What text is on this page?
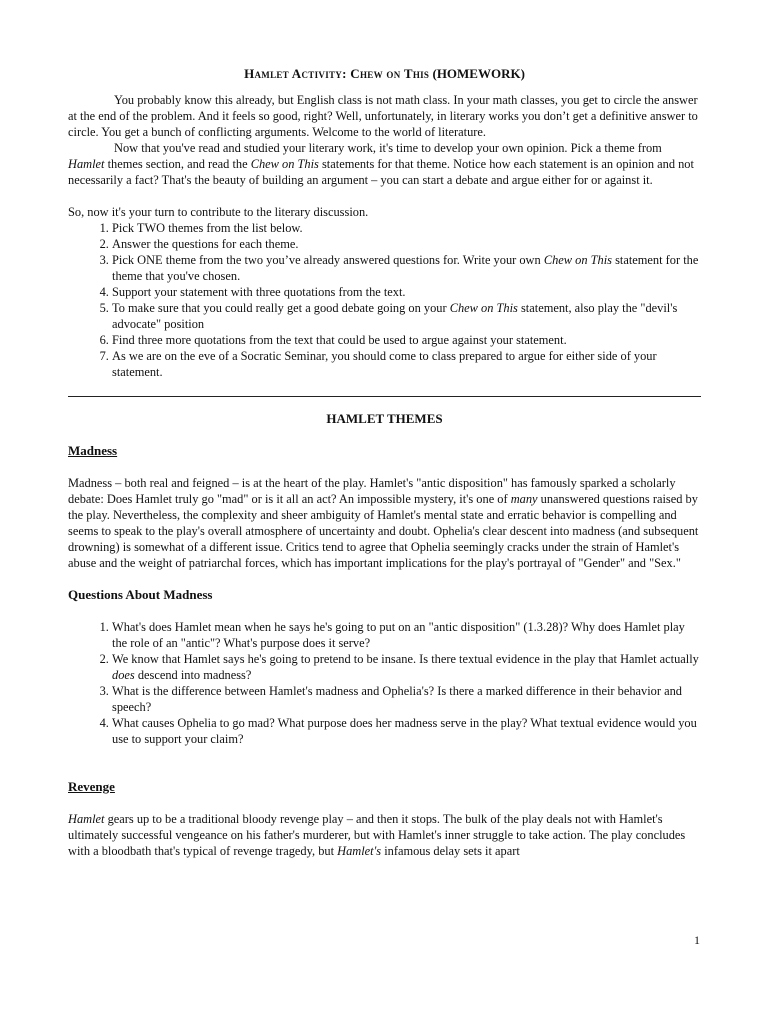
Hamlet Activity: Chew on This (HOMEWORK)

You probably know this already, but English class is not math class. In your math classes, you get to circle the answer at the end of the problem. And it feels so good, right? Well, unfortunately, in literary works you don’t get a definitive answer to circle. You get a bunch of conflicting arguments. Welcome to the world of literature.

Now that you've read and studied your literary work, it's time to develop your own opinion. Pick a theme from Hamlet themes section, and read the Chew on This statements for that theme. Notice how each statement is an opinion and not necessarily a fact? That's the beauty of building an argument – you can start a debate and argue either for or against it.

So, now it's your turn to contribute to the literary discussion.

1. Pick TWO themes from the list below.
2. Answer the questions for each theme.
3. Pick ONE theme from the two you’ve already answered questions for. Write your own Chew on This statement for the theme that you've chosen.
4. Support your statement with three quotations from the text.
5. To make sure that you could really get a good debate going on your Chew on This statement, also play the "devil's advocate" position
6. Find three more quotations from the text that could be used to argue against your statement.
7. As we are on the eve of a Socratic Seminar, you should come to class prepared to argue for either side of your statement.

HAMLET THEMES

Madness

Madness – both real and feigned – is at the heart of the play. Hamlet's "antic disposition" has famously sparked a scholarly debate: Does Hamlet truly go "mad" or is it all an act? An impossible mystery, it's one of many unanswered questions raised by the play. Nevertheless, the complexity and sheer ambiguity of Hamlet's mental state and erratic behavior is compelling and seems to speak to the play's overall atmosphere of uncertainty and doubt. Ophelia's clear descent into madness (and subsequent drowning) is somewhat of a different issue. Critics tend to agree that Ophelia seemingly cracks under the strain of Hamlet's abuse and the weight of patriarchal forces, which has important implications for the play's portrayal of "Gender" and "Sex."

Questions About Madness

1. What's does Hamlet mean when he says he's going to put on an "antic disposition" (1.3.28)? Why does Hamlet play the role of an "antic"? What's purpose does it serve?
2. We know that Hamlet says he's going to pretend to be insane. Is there textual evidence in the play that Hamlet actually does descend into madness?
3. What is the difference between Hamlet's madness and Ophelia's? Is there a marked difference in their behavior and speech?
4. What causes Ophelia to go mad? What purpose does her madness serve in the play? What textual evidence would you use to support your claim?

Revenge

Hamlet gears up to be a traditional bloody revenge play – and then it stops. The bulk of the play deals not with Hamlet's ultimately successful vengeance on his father's murderer, but with Hamlet's inner struggle to take action. The play concludes with a bloodbath that's typical of revenge tragedy, but Hamlet's infamous delay sets it apart

1
